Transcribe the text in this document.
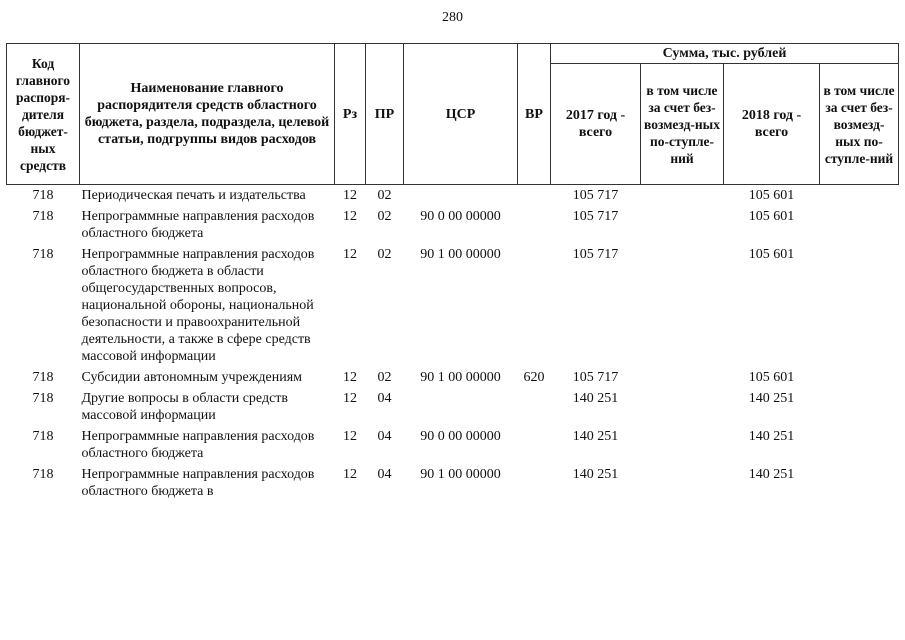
280
Код главного распоря-дителя бюджет-ных средств	Наименование главного распорядителя средств областного бюджета, раздела, подраздела, целевой статьи, подгруппы видов расходов	Рз	ПР	ЦСР	ВР	Сумма, тыс. рублей			
						2017 год - всего	в том числе за счет без-возмезд-ных по-ступле-ний	2018 год - всего	в том числе за счет без-возмезд-ных по-ступле-ний
718	Периодическая печать и издательства	12	02			105 717		105 601	

718	Непрограммные направления расходов областного бюджета	12	02	90 0 00 00000		105 717		105 601	

718	Непрограммные направления расходов областного бюджета в области общегосударственных вопросов, национальной обороны, национальной безопасности и правоохранительной деятельности, а также в сфере средств массовой информации	12	02	90 1 00 00000		105 717		105 601	

718	Субсидии автономным учреждениям	12	02	90 1 00 00000	620	105 717		105 601	

718	Другие вопросы в области средств массовой информации	12	04			140 251		140 251	

718	Непрограммные направления расходов областного бюджета	12	04	90 0 00 00000		140 251		140 251	

718	Непрограммные направления расходов областного бюджета в	12	04	90 1 00 00000		140 251		140 251	
